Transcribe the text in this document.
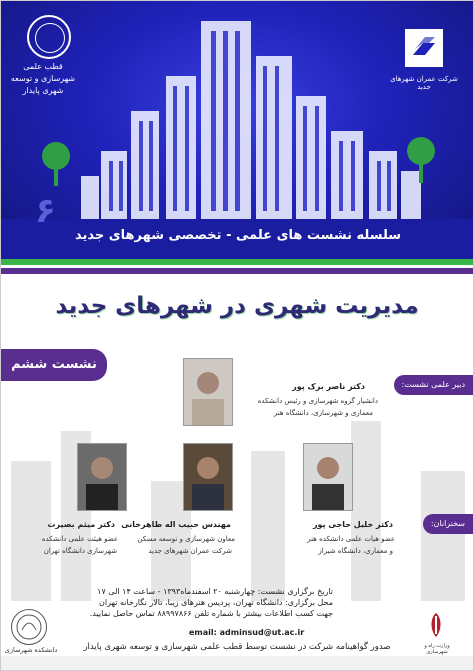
قطب علمی شهرسازی و توسعه شهری پایدار
شرکت عمران شهرهای جدید
۶
سلسله نشست های علمی - تخصصی شهرهای جدید
مدیریت شهری در شهرهای جدید
نشست ششم
دبیر علمی نشست:
سخنرانان:
دکتر ناصر برک پور
دانشیار گروه شهرسازی و رئیس دانشکده
معماری و شهرسازی، دانشگاه هنر
دکتر میثم بصیرت
عضو هیئت علمی دانشکده
شهرسازی دانشگاه تهران
مهندس حبیب اله طاهرخانی
معاون شهرسازی و توسعه مسکن
شرکت عمران شهرهای جدید
دکتر خلیل حاجی پور
عضو هیات علمی دانشکده هنر
و معماری، دانشگاه شیراز
تاریخ برگزاری نشست: چهارشنبه ۲۰ اسفندماه۱۳۹۳ - ساعت ۱۴ الی ۱۷
محل برگزاری: دانشگاه تهران، پردیس هنرهای زیبا، تالار نگارخانه تهران
جهت کسب اطلاعات بیشتر با شماره تلفن ۸۸۹۹۷۸۶۶ تماس حاصل نمایید.
email: adminsud@ut.ac.ir
دانشکده شهرسازی	وزارت راه و شهرسازی
صدور گواهینامه شرکت در نشست توسط قطب علمی شهرسازی و توسعه شهری پایدار
